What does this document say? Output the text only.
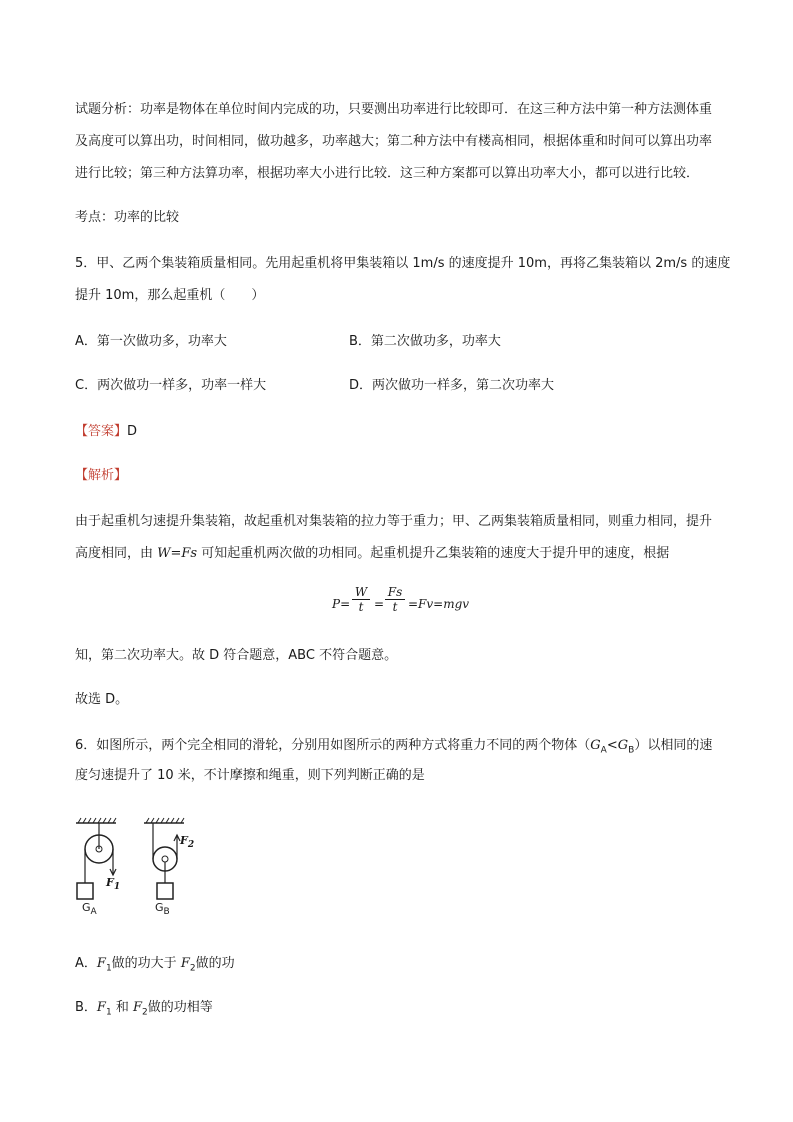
试题分析：功率是物体在单位时间内完成的功，只要测出功率进行比较即可．在这三种方法中第一种方法测体重
及高度可以算出功，时间相同，做功越多，功率越大；第二种方法中有楼高相同，根据体重和时间可以算出功率
进行比较；第三种方法算功率，根据功率大小进行比较．这三种方案都可以算出功率大小，都可以进行比较．
考点：功率的比较
5．甲、乙两个集装箱质量相同。先用起重机将甲集装箱以 1m/s 的速度提升 10m，再将乙集装箱以 2m/s 的速度
提升 10m，那么起重机（　　）
A．第一次做功多，功率大	B．第二次做功多，功率大
C．两次做功一样多，功率一样大	D．两次做功一样多，第二次功率大
【答案】D
【解析】
由于起重机匀速提升集装箱，故起重机对集装箱的拉力等于重力；甲、乙两集装箱质量相同，则重力相同，提升
高度相同，由 W=Fs 可知起重机两次做的功相同。起重机提升乙集装箱的速度大于提升甲的速度，根据
$P= \frac{W}{t} = \frac{Fs}{t} =Fv=mgv$
知，第二次功率大。故 D 符合题意，ABC 不符合题意。
故选 D。
6．如图所示，两个完全相同的滑轮，分别用如图所示的两种方式将重力不同的两个物体$(G_A<G_B)$以相同的速
度匀速提升了 10 米，不计摩擦和绳重，则下列判断正确的是
$F_1$
$F_2$
$G_A$	$G_B$
A．$F_1$做的功大于 $F_2$做的功
B．$F_1$ 和 $F_2$做的功相等
